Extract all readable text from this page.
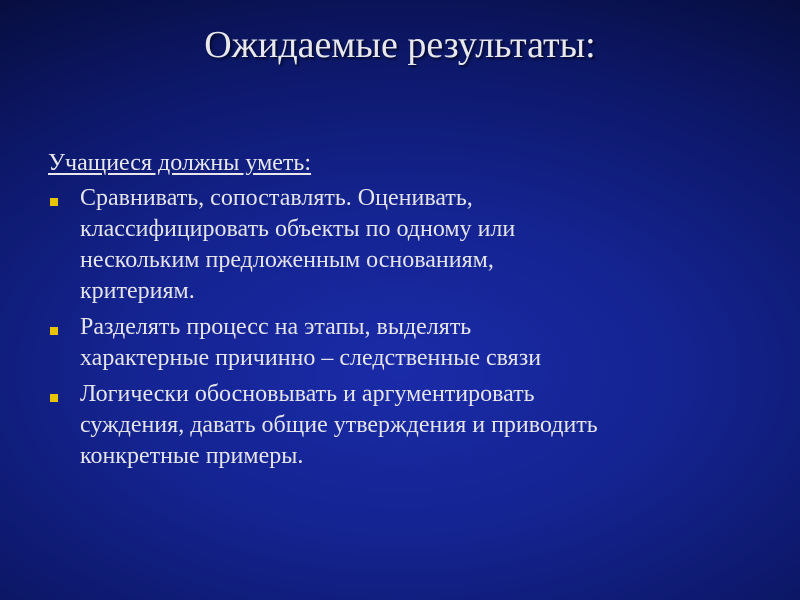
Ожидаемые результаты:
Учащиеся должны уметь:
Сравнивать, сопоставлять. Оценивать,
классифицировать объекты по одному или
нескольким предложенным основаниям,
критериям.
Разделять процесс на этапы, выделять
характерные причинно – следственные связи
Логически обосновывать и аргументировать
суждения, давать общие утверждения и приводить
конкретные примеры.
